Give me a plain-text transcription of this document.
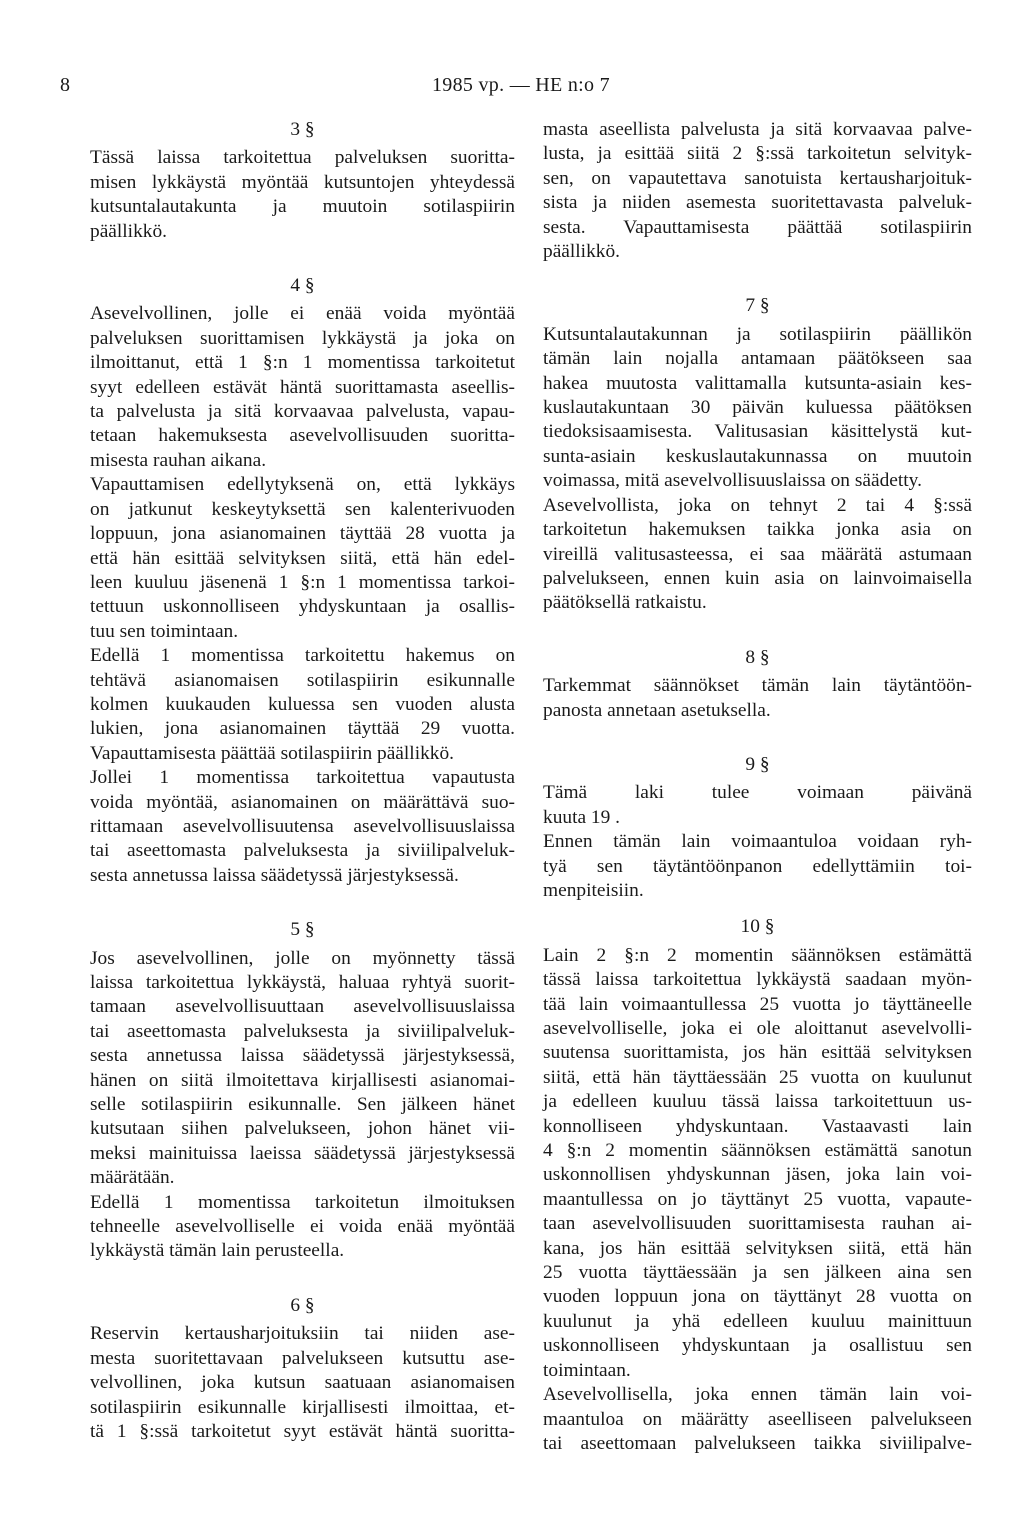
8	1985 vp. — HE n:o 7
3 §
Tässä laissa tarkoitettua palveluksen suoritta-
misen lykkäystä myöntää kutsuntojen yhteydessä
kutsuntalautakunta ja muutoin sotilaspiirin
päällikkö.
4 §
Asevelvollinen, jolle ei enää voida myöntää
palveluksen suorittamisen lykkäystä ja joka on
ilmoittanut, että 1 §:n 1 momentissa tarkoitetut
syyt edelleen estävät häntä suorittamasta aseellis-
ta palvelusta ja sitä korvaavaa palvelusta, vapau-
tetaan hakemuksesta asevelvollisuuden suoritta-
misesta rauhan aikana.
Vapauttamisen edellytyksenä on, että lykkäys
on jatkunut keskeytyksettä sen kalenterivuoden
loppuun, jona asianomainen täyttää 28 vuotta ja
että hän esittää selvityksen siitä, että hän edel-
leen kuuluu jäsenenä 1 §:n 1 momentissa tarkoi-
tettuun uskonnolliseen yhdyskuntaan ja osallis-
tuu sen toimintaan.
Edellä 1 momentissa tarkoitettu hakemus on
tehtävä asianomaisen sotilaspiirin esikunnalle
kolmen kuukauden kuluessa sen vuoden alusta
lukien, jona asianomainen täyttää 29 vuotta.
Vapauttamisesta päättää sotilaspiirin päällikkö.
Jollei 1 momentissa tarkoitettua vapautusta
voida myöntää, asianomainen on määrättävä suo-
rittamaan asevelvollisuutensa asevelvollisuuslaissa
tai aseettomasta palveluksesta ja siviilipalveluk-
sesta annetussa laissa säädetyssä järjestyksessä.
5 §
Jos asevelvollinen, jolle on myönnetty tässä
laissa tarkoitettua lykkäystä, haluaa ryhtyä suorit-
tamaan asevelvollisuuttaan asevelvollisuuslaissa
tai aseettomasta palveluksesta ja siviilipalveluk-
sesta annetussa laissa säädetyssä järjestyksessä,
hänen on siitä ilmoitettava kirjallisesti asianomai-
selle sotilaspiirin esikunnalle. Sen jälkeen hänet
kutsutaan siihen palvelukseen, johon hänet vii-
meksi mainituissa laeissa säädetyssä järjestyksessä
määrätään.
Edellä 1 momentissa tarkoitetun ilmoituksen
tehneelle asevelvolliselle ei voida enää myöntää
lykkäystä tämän lain perusteella.
6 §
Reservin kertausharjoituksiin tai niiden ase-
mesta suoritettavaan palvelukseen kutsuttu ase-
velvollinen, joka kutsun saatuaan asianomaisen
sotilaspiirin esikunnalle kirjallisesti ilmoittaa, et-
tä 1 §:ssä tarkoitetut syyt estävät häntä suoritta-
masta aseellista palvelusta ja sitä korvaavaa palve-
lusta, ja esittää siitä 2 §:ssä tarkoitetun selvityk-
sen, on vapautettava sanotuista kertausharjoituk-
sista ja niiden asemesta suoritettavasta palveluk-
sesta. Vapauttamisesta päättää sotilaspiirin
päällikkö.
7 §
Kutsuntalautakunnan ja sotilaspiirin päällikön
tämän lain nojalla antamaan päätökseen saa
hakea muutosta valittamalla kutsunta-asiain kes-
kuslautakuntaan 30 päivän kuluessa päätöksen
tiedoksisaamisesta. Valitusasian käsittelystä kut-
sunta-asiain keskuslautakunnassa on muutoin
voimassa, mitä asevelvollisuuslaissa on säädetty.
Asevelvollista, joka on tehnyt 2 tai 4 §:ssä
tarkoitetun hakemuksen taikka jonka asia on
vireillä valitusasteessa, ei saa määrätä astumaan
palvelukseen, ennen kuin asia on lainvoimaisella
päätöksellä ratkaistu.
8 §
Tarkemmat säännökset tämän lain täytäntöön-
panosta annetaan asetuksella.
9 §
Tämä laki tulee voimaan päivänä
kuuta 19 .
Ennen tämän lain voimaantuloa voidaan ryh-
tyä sen täytäntöönpanon edellyttämiin toi-
menpiteisiin.
10 §
Lain 2 §:n 2 momentin säännöksen estämättä
tässä laissa tarkoitettua lykkäystä saadaan myön-
tää lain voimaantullessa 25 vuotta jo täyttäneelle
asevelvolliselle, joka ei ole aloittanut asevelvolli-
suutensa suorittamista, jos hän esittää selvityksen
siitä, että hän täyttäessään 25 vuotta on kuulunut
ja edelleen kuuluu tässä laissa tarkoitettuun us-
konnolliseen yhdyskuntaan. Vastaavasti lain
4 §:n 2 momentin säännöksen estämättä sanotun
uskonnollisen yhdyskunnan jäsen, joka lain voi-
maantullessa on jo täyttänyt 25 vuotta, vapaute-
taan asevelvollisuuden suorittamisesta rauhan ai-
kana, jos hän esittää selvityksen siitä, että hän
25 vuotta täyttäessään ja sen jälkeen aina sen
vuoden loppuun jona on täyttänyt 28 vuotta on
kuulunut ja yhä edelleen kuuluu mainittuun
uskonnolliseen yhdyskuntaan ja osallistuu sen
toimintaan.
Asevelvollisella, joka ennen tämän lain voi-
maantuloa on määrätty aseelliseen palvelukseen
tai aseettomaan palvelukseen taikka siviilipalve-
